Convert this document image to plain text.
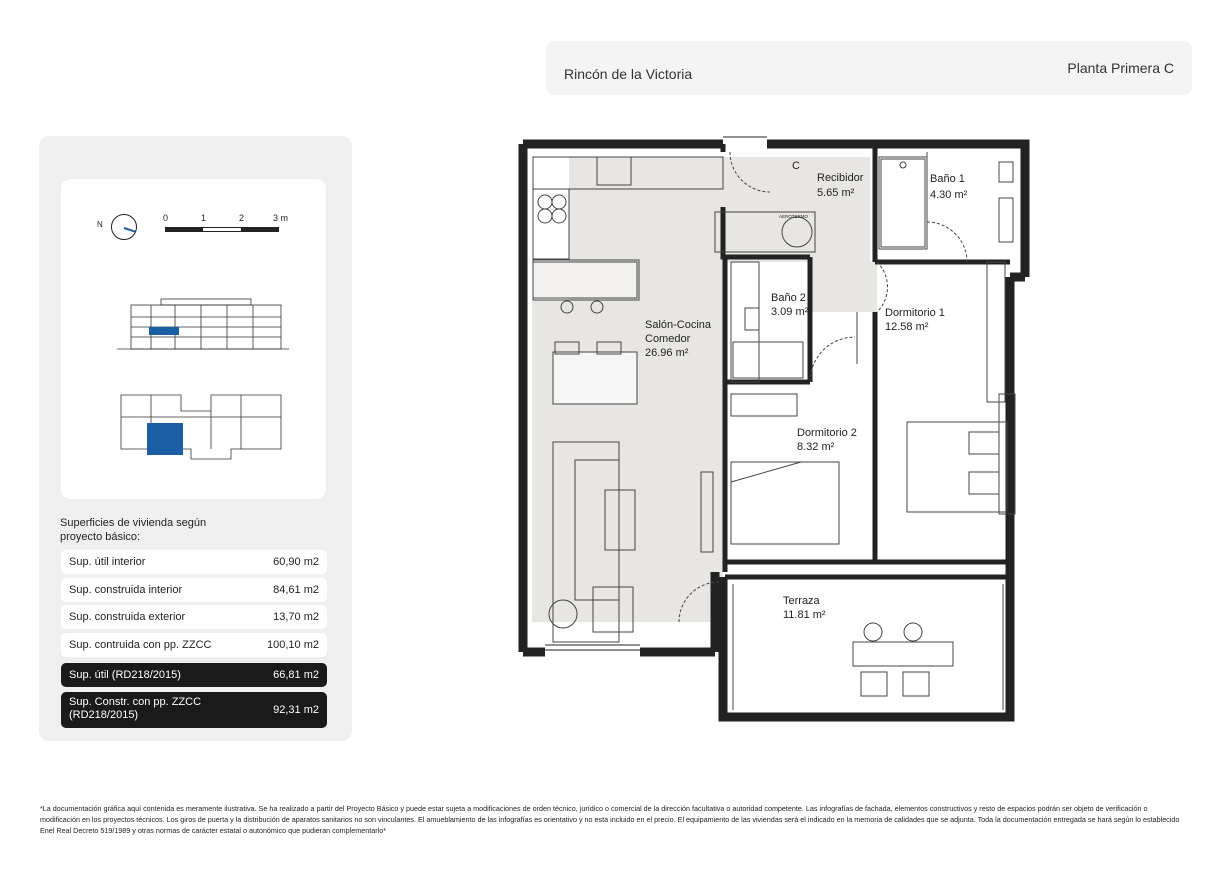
Rincón de la Victoria	Planta Primera C
N
0	1	2	3 m
Superficies de vivienda según proyecto básico:
Sup. útil interior	60,90 m2
Sup. construida interior	84,61 m2
Sup. construida exterior	13,70 m2
Sup. contruida con pp. ZZCC	100,10 m2
Sup. útil (RD218/2015)	66,81 m2
Sup. Constr. con pp. ZZCC (RD218/2015)	92,31 m2
C
Recibidor
5.65 m²
Baño 1
4.30 m²
Baño 2
3.09 m²	Dormitorio 1
12.58 m²
Salón-Cocina
Comedor
26.96 m²
Dormitorio 2
8.32 m²
Terraza
11.81 m²
AEROTERMO
*La documentación gráfica aquí contenida es meramente ilustrativa. Se ha realizado a partir del Proyecto Básico y puede estar sujeta a modificaciones de orden técnico, jurídico o comercial de la dirección facultativa o autoridad competente. Las infografías de fachada, elementos constructivos y resto de espacios podrán ser objeto de verificación o modificación en los proyectos técnicos. Los giros de puerta y la distribución de aparatos sanitarios no son vinculantes. El amueblamiento de las infografías es orientativo y no esta incluido en el precio. El equipamiento de las viviendas será el indicado en la memoria de calidades que se adjunta. Toda la documentación entregada se hará según lo establecido Enel Real Decreto 519/1989 y otras normas de carácter estatal o autonómico que pudieran complementarlo*
